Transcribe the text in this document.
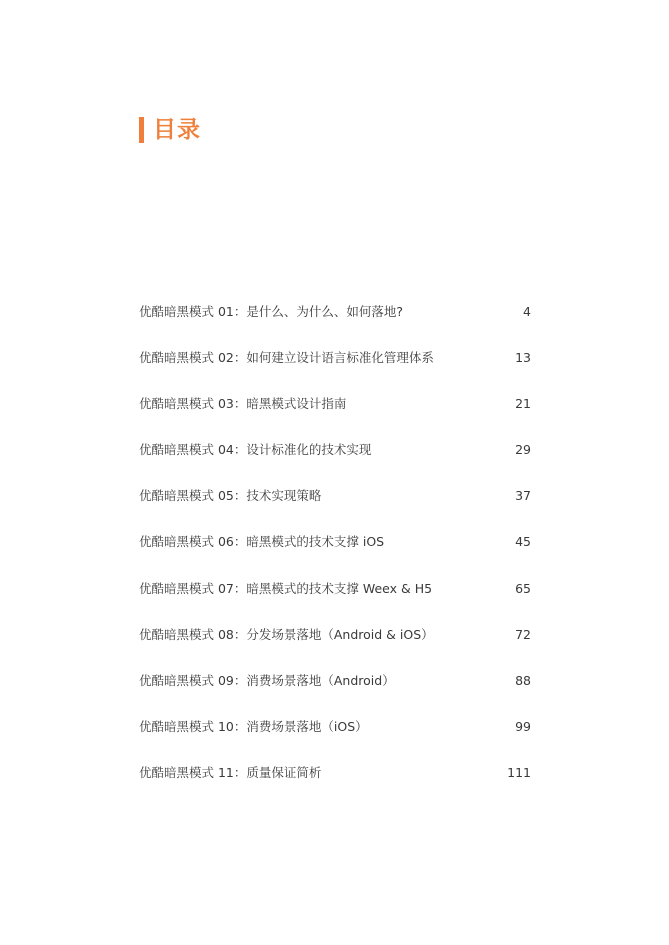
目录
优酷暗黑模式 01：是什么、为什么、如何落地?	4
优酷暗黑模式 02：如何建立设计语言标准化管理体系	13
优酷暗黑模式 03：暗黑模式设计指南	21
优酷暗黑模式 04：设计标准化的技术实现	29
优酷暗黑模式 05：技术实现策略	37
优酷暗黑模式 06：暗黑模式的技术支撑 iOS	45
优酷暗黑模式 07：暗黑模式的技术支撑 Weex & H5	65
优酷暗黑模式 08：分发场景落地（Android & iOS）	72
优酷暗黑模式 09：消费场景落地（Android）	88
优酷暗黑模式 10：消费场景落地（iOS）	99
优酷暗黑模式 11：质量保证简析	111
